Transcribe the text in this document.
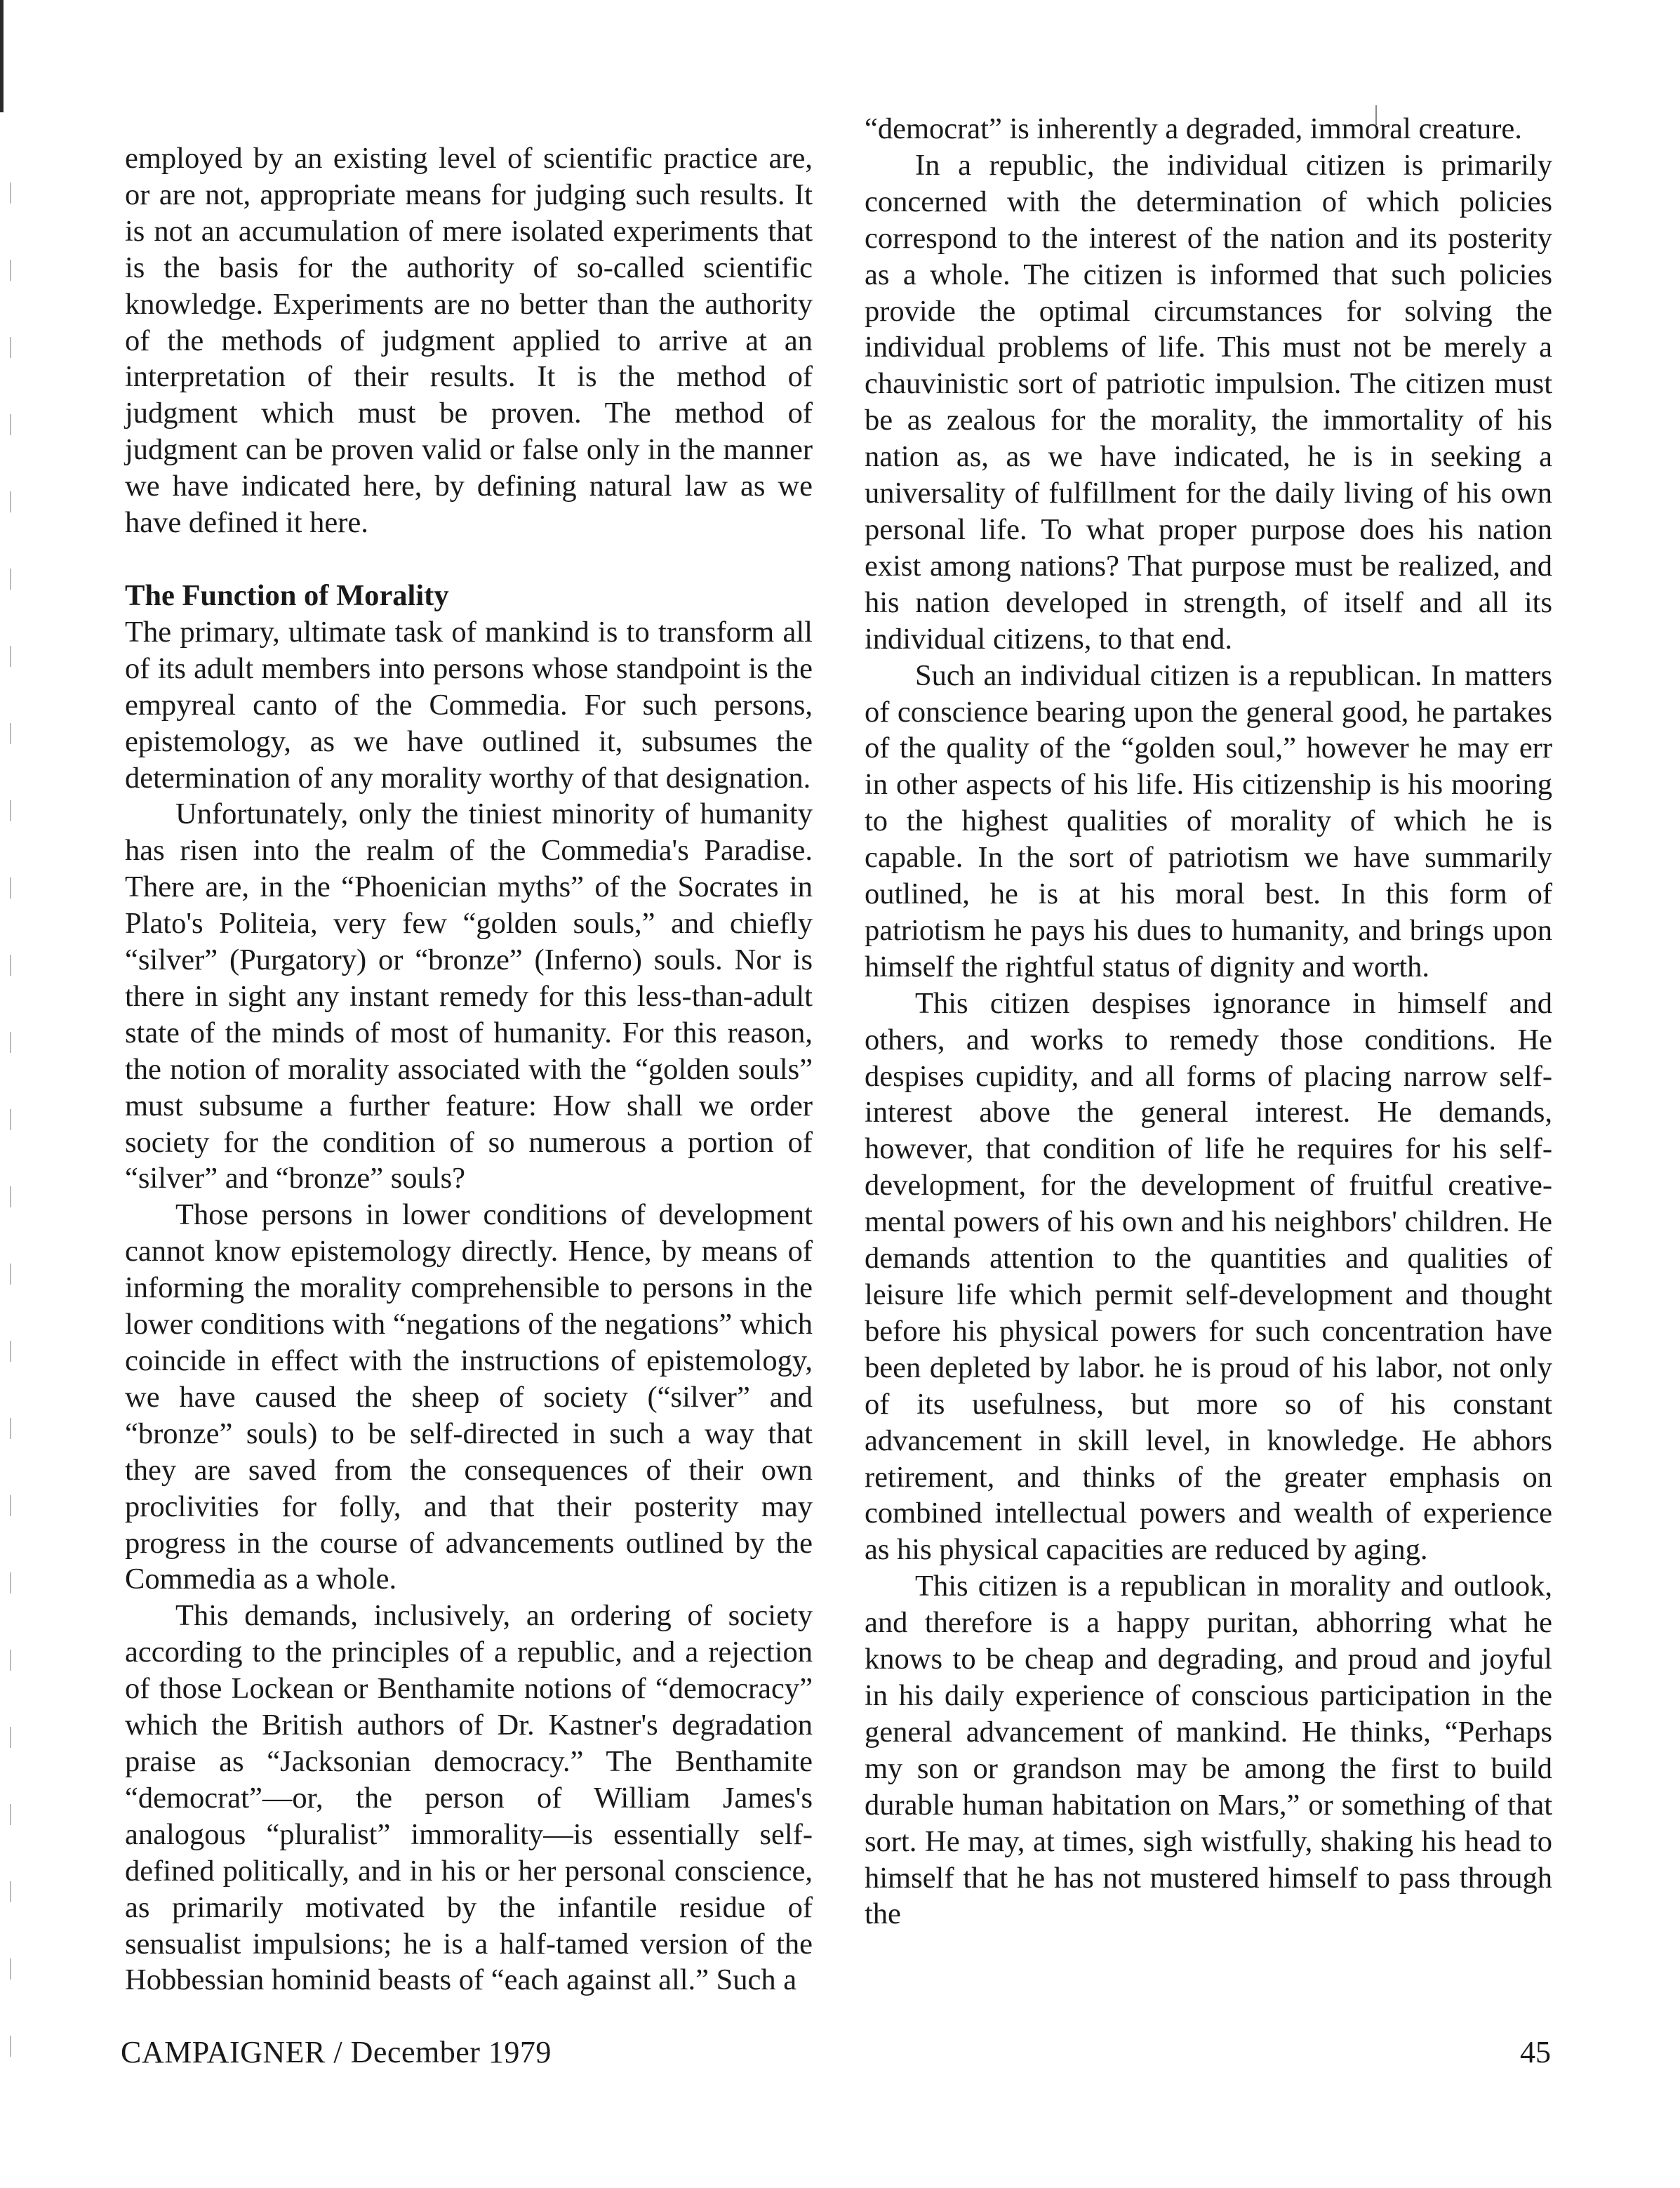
employed by an existing level of scientific practice are, or are not, appropriate means for judging such results. It is not an accumulation of mere isolated experiments that is the basis for the authority of so-called scientific knowledge. Experiments are no better than the authority of the methods of judgment applied to arrive at an interpretation of their results. It is the method of judgment which must be proven. The method of judgment can be proven valid or false only in the manner we have indicated here, by defining natural law as we have defined it here.

The Function of Morality

The primary, ultimate task of mankind is to transform all of its adult members into persons whose standpoint is the empyreal canto of the Commedia. For such persons, epistemology, as we have outlined it, subsumes the determination of any morality worthy of that designation.

Unfortunately, only the tiniest minority of humanity has risen into the realm of the Commedia's Paradise. There are, in the “Phoenician myths” of the Socrates in Plato's Politeia, very few “golden souls,” and chiefly “silver” (Purgatory) or “bronze” (Inferno) souls. Nor is there in sight any instant remedy for this less-than-adult state of the minds of most of humanity. For this reason, the notion of morality associated with the “golden souls” must subsume a further feature: How shall we order society for the condition of so numerous a portion of “silver” and “bronze” souls?

Those persons in lower conditions of development cannot know epistemology directly. Hence, by means of informing the morality comprehensible to persons in the lower conditions with “negations of the negations” which coincide in effect with the instructions of epistemology, we have caused the sheep of society (“silver” and “bronze” souls) to be self-directed in such a way that they are saved from the consequences of their own proclivities for folly, and that their posterity may progress in the course of advancements outlined by the Commedia as a whole.

This demands, inclusively, an ordering of society according to the principles of a republic, and a rejection of those Lockean or Benthamite notions of “democracy” which the British authors of Dr. Kastner's degradation praise as “Jacksonian democracy.” The Benthamite “democrat”—or, the person of William James's analogous “pluralist” immorality—is essentially self-defined politically, and in his or her personal conscience, as primarily motivated by the infantile residue of sensualist impulsions; he is a half-tamed version of the Hobbessian hominid beasts of “each against all.” Such a

“democrat” is inherently a degraded, immoral creature.

In a republic, the individual citizen is primarily concerned with the determination of which policies correspond to the interest of the nation and its posterity as a whole. The citizen is informed that such policies provide the optimal circumstances for solving the individual problems of life. This must not be merely a chauvinistic sort of patriotic impulsion. The citizen must be as zealous for the morality, the immortality of his nation as, as we have indicated, he is in seeking a universality of fulfillment for the daily living of his own personal life. To what proper purpose does his nation exist among nations? That purpose must be realized, and his nation developed in strength, of itself and all its individual citizens, to that end.

Such an individual citizen is a republican. In matters of conscience bearing upon the general good, he partakes of the quality of the “golden soul,” however he may err in other aspects of his life. His citizenship is his mooring to the highest qualities of morality of which he is capable. In the sort of patriotism we have summarily outlined, he is at his moral best. In this form of patriotism he pays his dues to humanity, and brings upon himself the rightful status of dignity and worth.

This citizen despises ignorance in himself and others, and works to remedy those conditions. He despises cupidity, and all forms of placing narrow self-interest above the general interest. He demands, however, that condition of life he requires for his self-development, for the development of fruitful creative-mental powers of his own and his neighbors' children. He demands attention to the quantities and qualities of leisure life which permit self-development and thought before his physical powers for such concentration have been depleted by labor. he is proud of his labor, not only of its usefulness, but more so of his constant advancement in skill level, in knowledge. He abhors retirement, and thinks of the greater emphasis on combined intellectual powers and wealth of experience as his physical capacities are reduced by aging.

This citizen is a republican in morality and outlook, and therefore is a happy puritan, abhorring what he knows to be cheap and degrading, and proud and joyful in his daily experience of conscious participation in the general advancement of mankind. He thinks, “Perhaps my son or grandson may be among the first to build durable human habitation on Mars,” or something of that sort. He may, at times, sigh wistfully, shaking his head to himself that he has not mustered himself to pass through the

CAMPAIGNER / December 1979	45
